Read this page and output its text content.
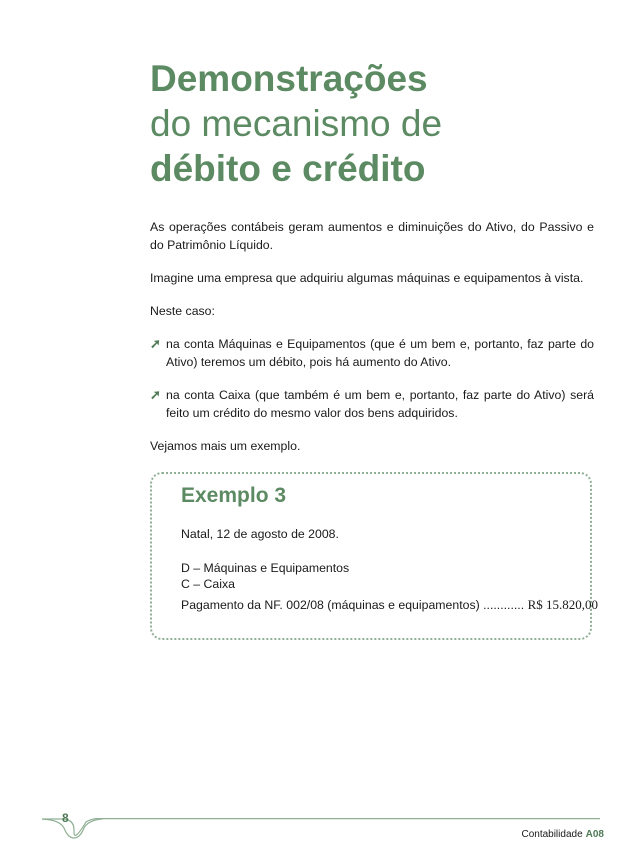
Demonstrações
do mecanismo de
débito e crédito

As operações contábeis geram aumentos e diminuições do Ativo, do Passivo e do Patrimônio Líquido.

Imagine uma empresa que adquiriu algumas máquinas e equipamentos à vista.

Neste caso:

➚ na conta Máquinas e Equipamentos (que é um bem e, portanto, faz parte do Ativo) teremos um débito, pois há aumento do Ativo.
➚ na conta Caixa (que também é um bem e, portanto, faz parte do Ativo) será feito um crédito do mesmo valor dos bens adquiridos.

Vejamos mais um exemplo.

Exemplo 3
Natal, 12 de agosto de 2008.
D – Máquinas e Equipamentos
C – Caixa
Pagamento da NF. 002/08 (máquinas e equipamentos) ............ R$ 15.820,00
8
Contabilidade A08
